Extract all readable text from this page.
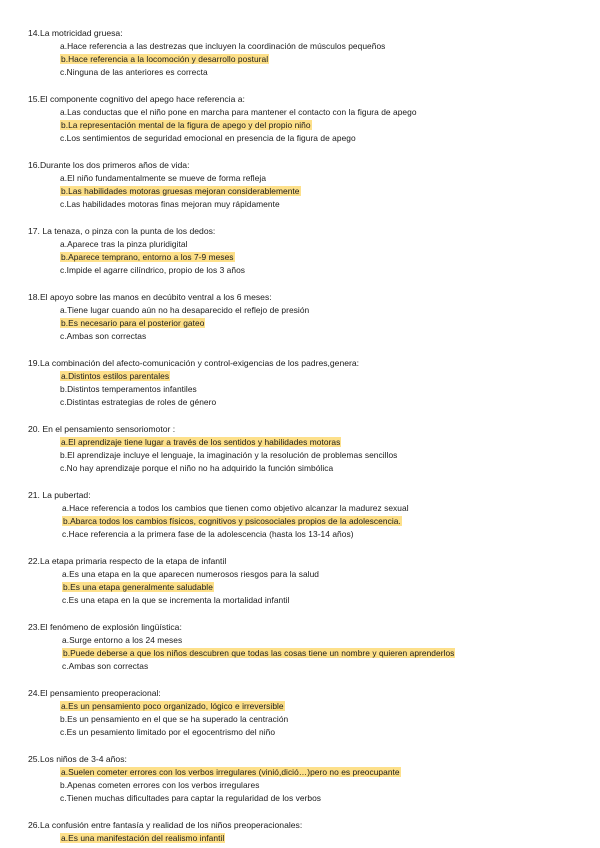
14.La motricidad gruesa:
a.Hace referencia a las destrezas que incluyen la coordinación de músculos pequeños
b.Hace referencia a la locomoción y desarrollo postural
c.Ninguna de las anteriores es correcta
15.El componente cognitivo del apego hace referencia a:
a.Las conductas que el niño pone en marcha para mantener el contacto con la figura de apego
b.La representación mental de la figura de apego y del propio niño
c.Los sentimientos de seguridad emocional en presencia de la figura de apego
16.Durante los dos primeros años de vida:
a.El niño fundamentalmente se mueve de forma refleja
b.Las habilidades motoras gruesas mejoran considerablemente
c.Las habilidades motoras finas mejoran muy rápidamente
17. La tenaza, o pinza con la punta de los dedos:
a.Aparece tras la pinza pluridigital
b.Aparece temprano, entorno a los 7-9 meses
c.Impide el agarre cilíndrico, propio de los 3 años
18.El apoyo sobre las manos en decúbito ventral a los 6 meses:
a.Tiene lugar cuando aún no ha desaparecido el reflejo de presión
b.Es necesario para el posterior gateo
c.Ambas son correctas
19.La combinación del afecto-comunicación y control-exigencias de los padres,genera:
a.Distintos estilos parentales
b.Distintos temperamentos infantiles
c.Distintas estrategias de roles de género
20. En el pensamiento sensoriomotor :
a.El aprendizaje tiene lugar a través de los sentidos y habilidades motoras
b.El aprendizaje incluye el lenguaje, la imaginación y la resolución de problemas sencillos
c.No hay aprendizaje porque el niño no ha adquirido la función simbólica
21. La pubertad:
a.Hace referencia a todos los cambios que tienen como objetivo alcanzar la madurez sexual
b.Abarca todos los cambios físicos, cognitivos y psicosociales propios de la adolescencia.
c.Hace referencia a la primera fase de la adolescencia (hasta los 13-14 años)
22.La etapa primaria respecto de la etapa de infantil
a.Es una etapa en la que aparecen numerosos riesgos para la salud
b.Es una etapa generalmente saludable
c.Es una etapa en la que se incrementa la mortalidad infantil
23.El fenómeno de explosión lingüística:
a.Surge entorno a los 24 meses
b.Puede deberse a que los niños descubren que todas las cosas tiene un nombre y quieren aprenderlos
c.Ambas son correctas
24.El pensamiento preoperacional:
a.Es un pensamiento poco organizado, lógico e irreversible
b.Es un pensamiento en el que se ha superado la centración
c.Es un pesamiento limitado por el egocentrismo del niño
25.Los niños de 3-4 años:
a.Suelen cometer errores con los verbos irregulares (vinió,dició…)pero no es preocupante
b.Apenas cometen errores con los verbos irregulares
c.Tienen muchas dificultades para captar la regularidad de los verbos
26.La confusión entre fantasía y realidad de los niños preoperacionales:
a.Es una manifestación del realismo infantil
